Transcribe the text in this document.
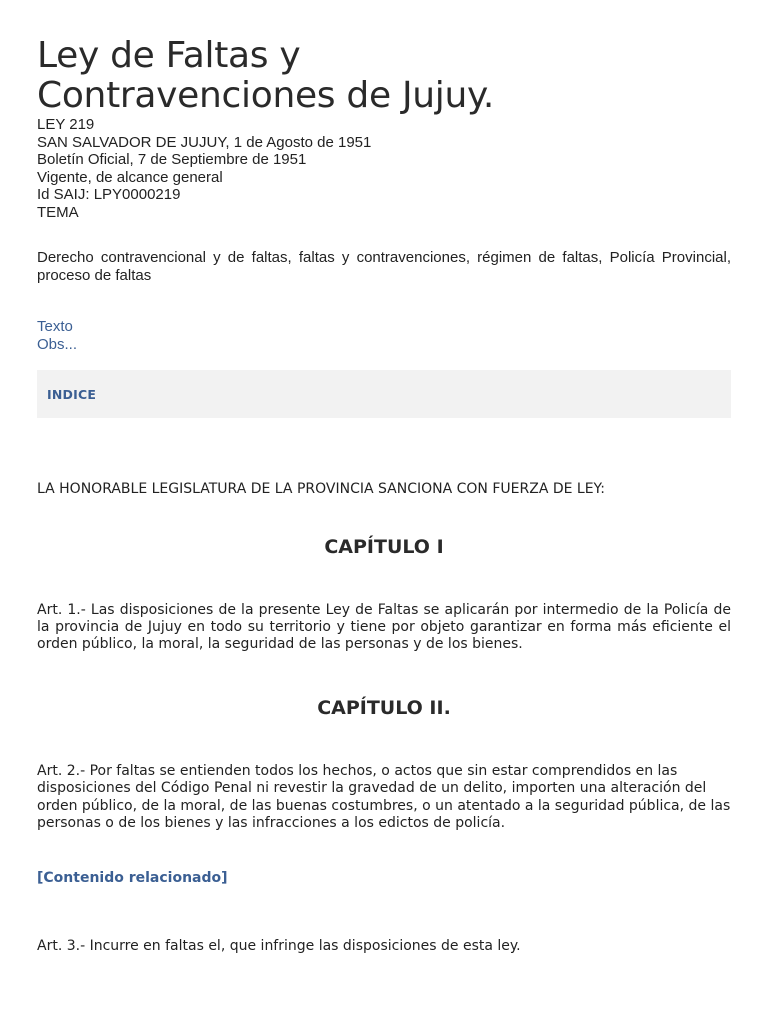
Ley de Faltas y Contravenciones de Jujuy.
LEY 219
SAN SALVADOR DE JUJUY, 1 de Agosto de 1951
Boletín Oficial, 7 de Septiembre de 1951
Vigente, de alcance general
Id SAIJ: LPY0000219
TEMA
Derecho contravencional y de faltas, faltas y contravenciones, régimen de faltas, Policía Provincial, proceso de faltas
Texto
Obs...
INDICE
LA HONORABLE LEGISLATURA DE LA PROVINCIA SANCIONA CON FUERZA DE LEY:
CAPÍTULO I
Art. 1.- Las disposiciones de la presente Ley de Faltas se aplicarán por intermedio de la Policía de la provincia de Jujuy en todo su territorio y tiene por objeto garantizar en forma más eficiente el orden público, la moral, la seguridad de las personas y de los bienes.
CAPÍTULO II.
Art. 2.- Por faltas se entienden todos los hechos, o actos que sin estar comprendidos en las disposiciones del Código Penal ni revestir la gravedad de un delito, importen una alteración del orden público, de la moral, de las buenas costumbres, o un atentado a la seguridad pública, de las personas o de los bienes y las infracciones a los edictos de policía.
[Contenido relacionado]
Art. 3.- Incurre en faltas el, que infringe las disposiciones de esta ley.
